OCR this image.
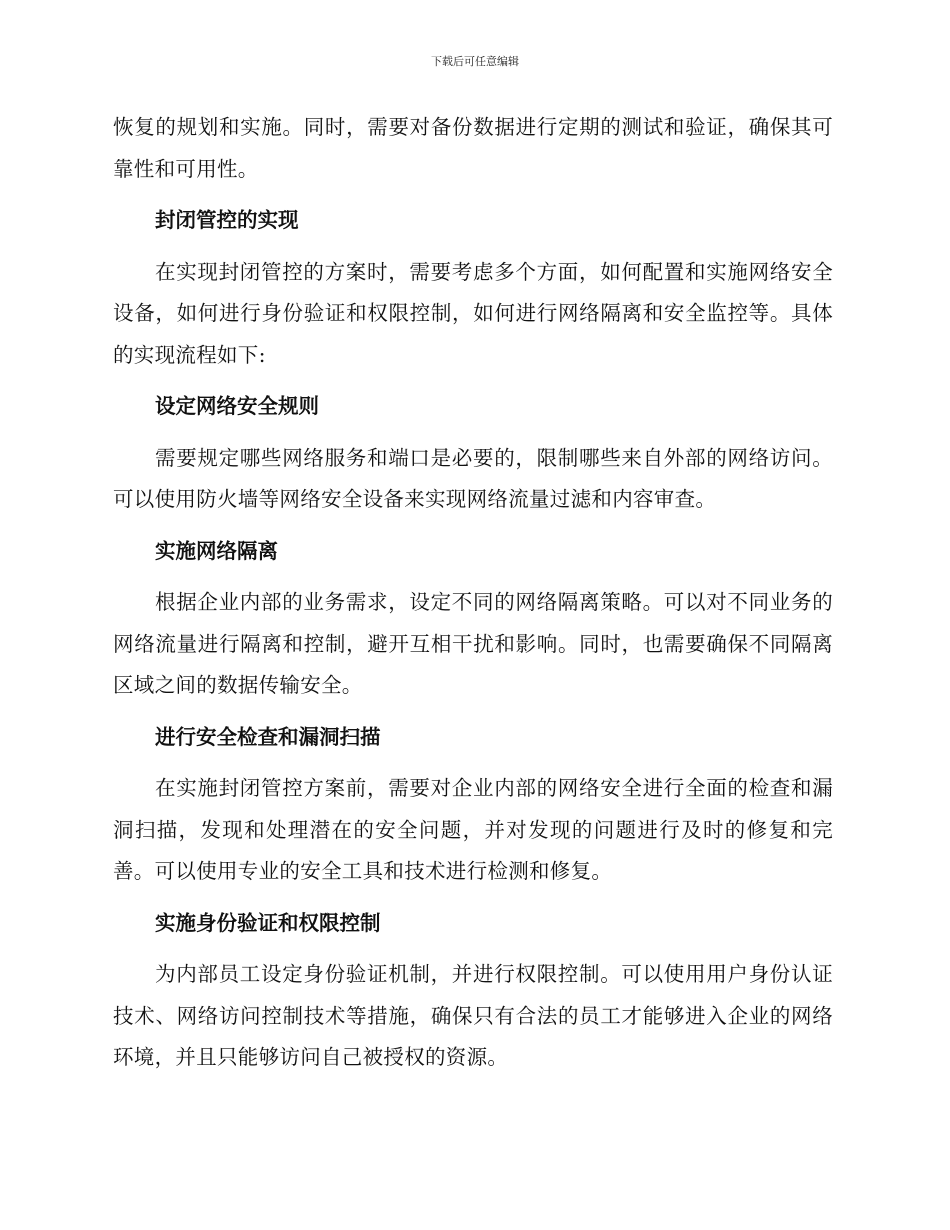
下载后可任意编辑

恢复的规划和实施。同时，需要对备份数据进行定期的测试和验证，确保其可靠性和可用性。

封闭管控的实现

在实现封闭管控的方案时，需要考虑多个方面，如何配置和实施网络安全设备，如何进行身份验证和权限控制，如何进行网络隔离和安全监控等。具体的实现流程如下:

设定网络安全规则

需要规定哪些网络服务和端口是必要的，限制哪些来自外部的网络访问。可以使用防火墙等网络安全设备来实现网络流量过滤和内容审查。

实施网络隔离

根据企业内部的业务需求，设定不同的网络隔离策略。可以对不同业务的网络流量进行隔离和控制，避开互相干扰和影响。同时，也需要确保不同隔离区域之间的数据传输安全。

进行安全检查和漏洞扫描

在实施封闭管控方案前，需要对企业内部的网络安全进行全面的检查和漏洞扫描，发现和处理潜在的安全问题，并对发现的问题进行及时的修复和完善。可以使用专业的安全工具和技术进行检测和修复。

实施身份验证和权限控制

为内部员工设定身份验证机制，并进行权限控制。可以使用用户身份认证技术、网络访问控制技术等措施，确保只有合法的员工才能够进入企业的网络环境，并且只能够访问自己被授权的资源。
